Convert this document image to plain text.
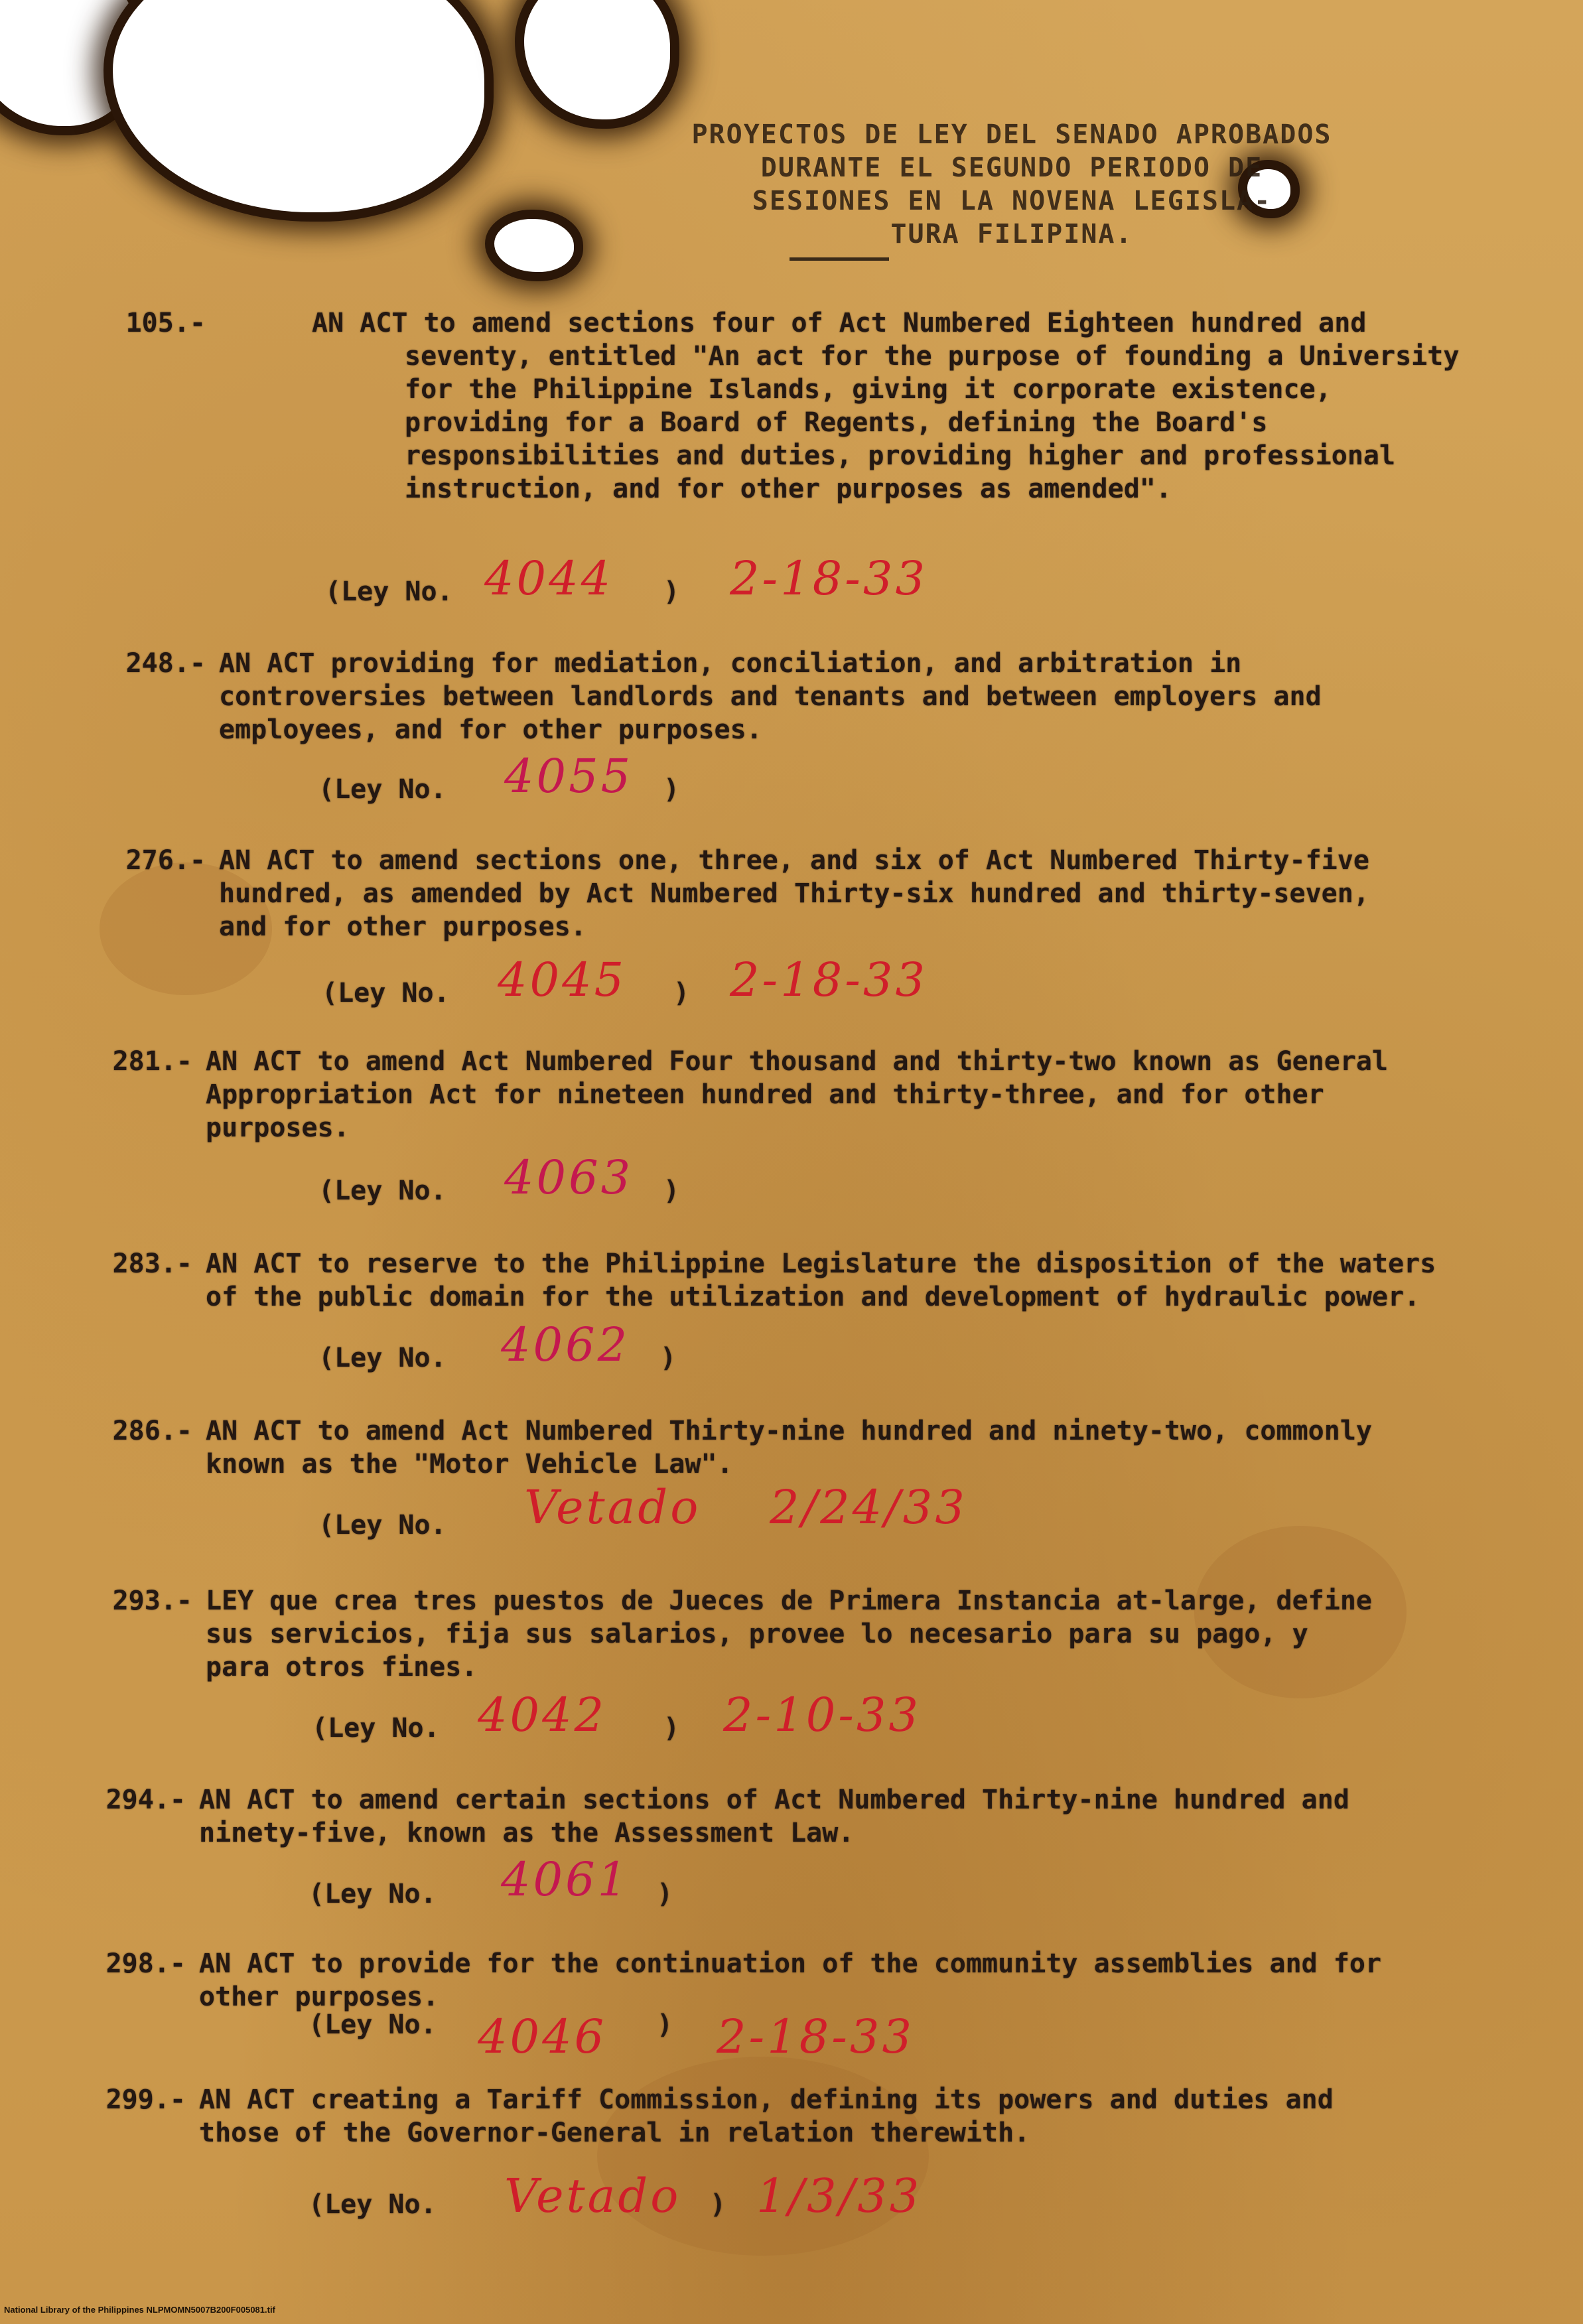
PROYECTOS DE LEY DEL SENADO APROBADOS
DURANTE EL SEGUNDO PERIODO DE
SESIONES EN LA NOVENA LEGISLA-
TURA FILIPINA.
105.-	AN ACT to amend sections four of Act Numbered Eighteen hundred and seventy, entitled "An act for the purpose of founding a University for the Philippine Islands, giving it corporate existence, providing for a Board of Regents, defining the Board's responsibilities and duties, providing higher and professional instruction, and for other purposes as amended".
(Ley No. 4044 ) 2-18-33
248.- AN ACT providing for mediation, conciliation, and arbitration in controversies between landlords and tenants and between employers and employees, and for other purposes.
(Ley No. 4055 )
276.- AN ACT to amend sections one, three, and six of Act Numbered Thirty-five hundred, as amended by Act Numbered Thirty-six hundred and thirty-seven, and for other purposes.
(Ley No. 4045 ) 2-18-33
281.- AN ACT to amend Act Numbered Four thousand and thirty-two known as General Appropriation Act for nineteen hundred and thirty-three, and for other purposes.
(Ley No. 4063 )
283.- AN ACT to reserve to the Philippine Legislature the disposition of the waters of the public domain for the utilization and development of hydraulic power.
(Ley No. 4062 )
286.- AN ACT to amend Act Numbered Thirty-nine hundred and ninety-two, commonly known as the "Motor Vehicle Law".
(Ley No. Vetado 2/24/33
293.- LEY que crea tres puestos de Jueces de Primera Instancia at-large, define sus servicios, fija sus salarios, provee lo necesario para su pago, y para otros fines.
(Ley No. 4042 ) 2-10-33
294.- AN ACT to amend certain sections of Act Numbered Thirty-nine hundred and ninety-five, known as the Assessment Law.
(Ley No. 4061 )
298.- AN ACT to provide for the continuation of the community assemblies and for other purposes.
(Ley No. 4046 ) 2-18-33
299.- AN ACT creating a Tariff Commission, defining its powers and duties and those of the Governor-General in relation therewith.
(Ley No. Vetado ) 1/3/33
National Library of the Philippines NLPMOMN5007B200F005081.tif
